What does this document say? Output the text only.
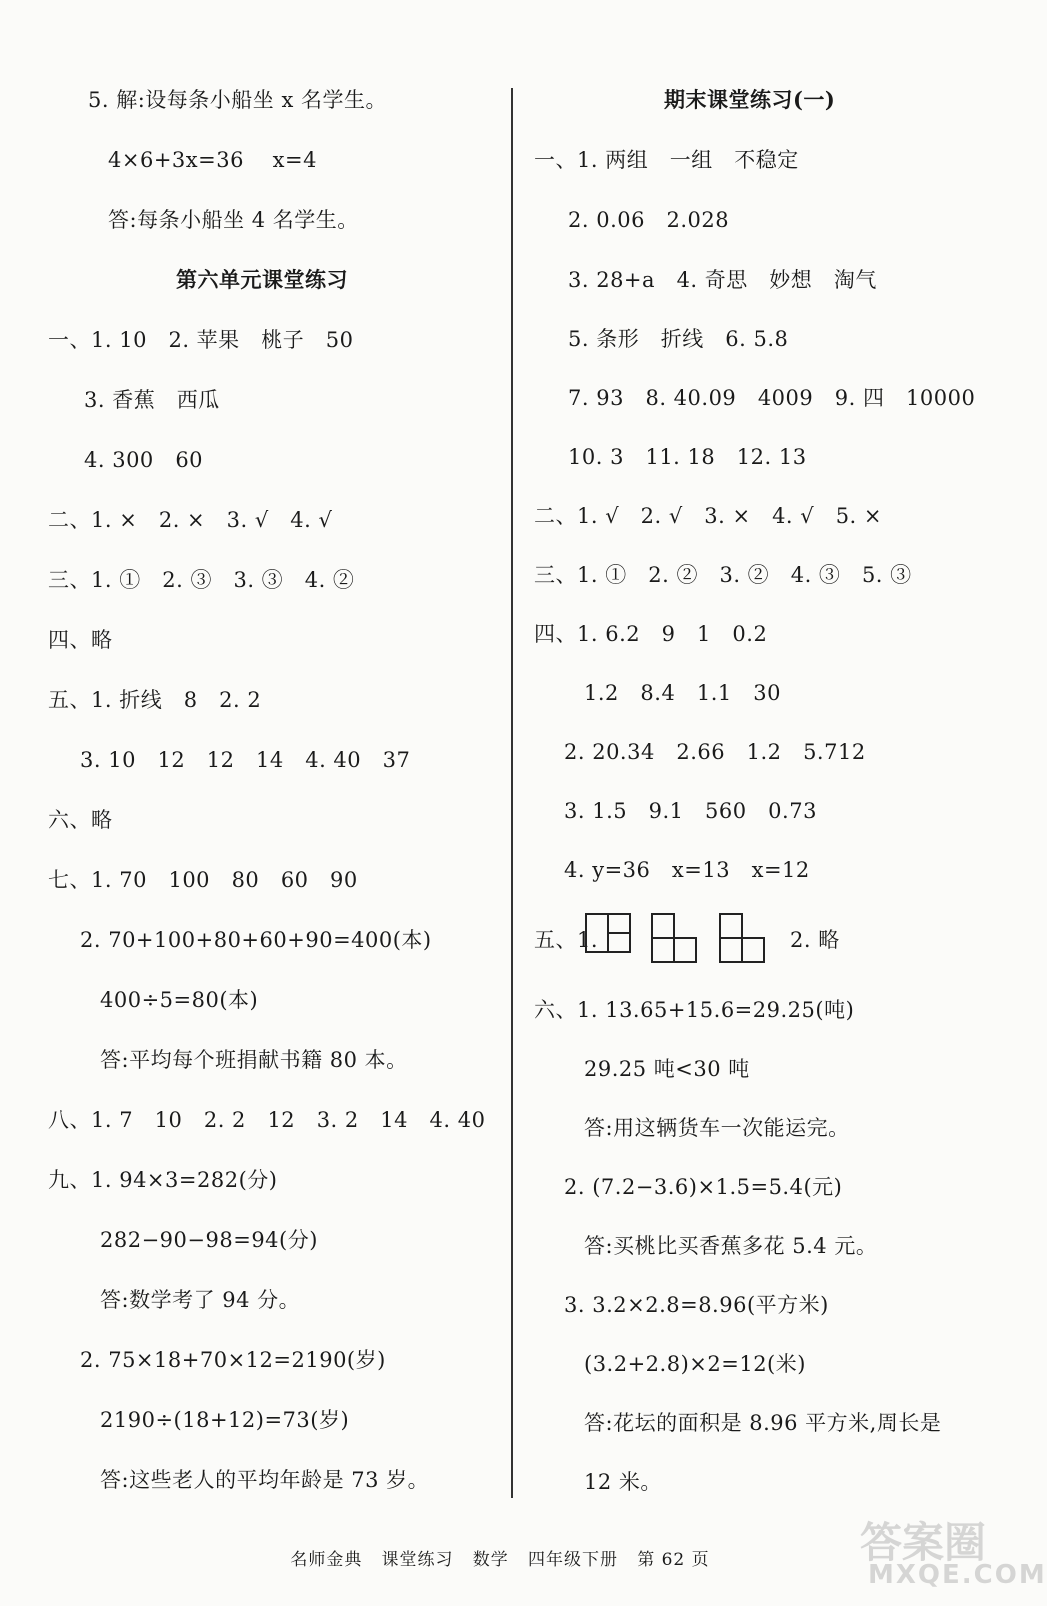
5. 解:设每条小船坐 x 名学生。
4×6+3x=36    x=4
答:每条小船坐 4 名学生。
第六单元课堂练习
一、1. 10   2. 苹果   桃子   50
3. 香蕉   西瓜
4. 300   60
二、1. ×   2. ×   3. √   4. √
三、1. ①   2. ③   3. ③   4. ②
四、略
五、1. 折线   8   2. 2
3. 10   12   12   14   4. 40   37
六、略
七、1. 70   100   80   60   90
2. 70+100+80+60+90=400(本)
400÷5=80(本)
答:平均每个班捐献书籍 80 本。
八、1. 7   10   2. 2   12   3. 2   14   4. 40
九、1. 94×3=282(分)
282−90−98=94(分)
答:数学考了 94 分。
2. 75×18+70×12=2190(岁)
2190÷(18+12)=73(岁)
答:这些老人的平均年龄是 73 岁。
期末课堂练习(一)
一、1. 两组   一组   不稳定
2. 0.06   2.028
3. 28+a   4. 奇思   妙想   淘气
5. 条形   折线   6. 5.8
7. 93   8. 40.09   4009   9. 四   10000
10. 3   11. 18   12. 13
二、1. √   2. √   3. ×   4. √   5. ×
三、1. ①   2. ②   3. ②   4. ③   5. ③
四、1. 6.2   9   1   0.2
1.2   8.4   1.1   30
2. 20.34   2.66   1.2   5.712
3. 1.5   9.1   560   0.73
4. y=36   x=13   x=12
五、1.	2. 略
六、1. 13.65+15.6=29.25(吨)
29.25 吨<30 吨
答:用这辆货车一次能运完。
2. (7.2−3.6)×1.5=5.4(元)
答:买桃比买香蕉多花 5.4 元。
3. 3.2×2.8=8.96(平方米)
(3.2+2.8)×2=12(米)
答:花坛的面积是 8.96 平方米,周长是
12 米。
名师金典   课堂练习   数学   四年级下册   第 62 页	答案圈
MXQE.COM
